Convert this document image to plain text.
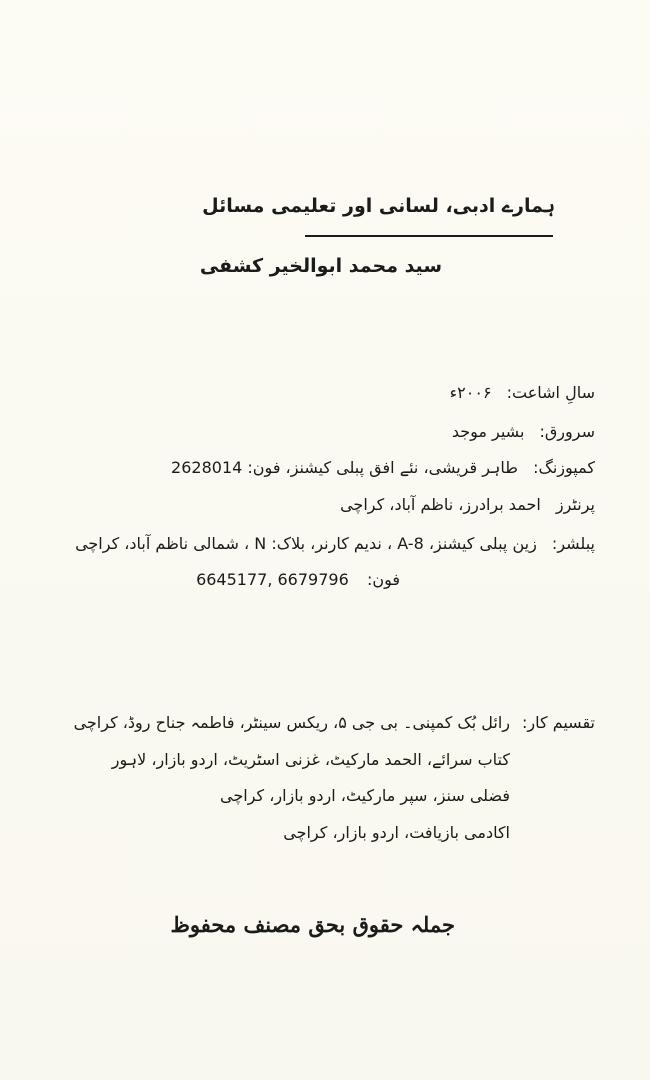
ہمارے ادبی، لسانی اور تعلیمی مسائل
سید محمد ابوالخیر کشفی
سالِ اشاعت: ۲۰۰۶ء
سرورق: بشیر موجد
کمپوزنگ: طاہر قریشی، نئے افق پبلی کیشنز، فون: 2628014
پرنٹرز احمد برادرز، ناظم آباد، کراچی
پبلشر: زین پبلی کیشنز، A-8 ، ندیم کارنر، بلاک: N ، شمالی ناظم آباد، کراچی
6645177, 6679796 فون:
تقسیم کار:
رائل بُک کمپنی۔ بی جی ۵، ریکس سینٹر، فاطمہ جناح روڈ، کراچی
کتاب سرائے، الحمد مارکیٹ، غزنی اسٹریٹ، اردو بازار، لاہور
فضلی سنز، سپر مارکیٹ، اردو بازار، کراچی
اکادمی بازیافت، اردو بازار، کراچی
جملہ حقوق بحق مصنف محفوظ
